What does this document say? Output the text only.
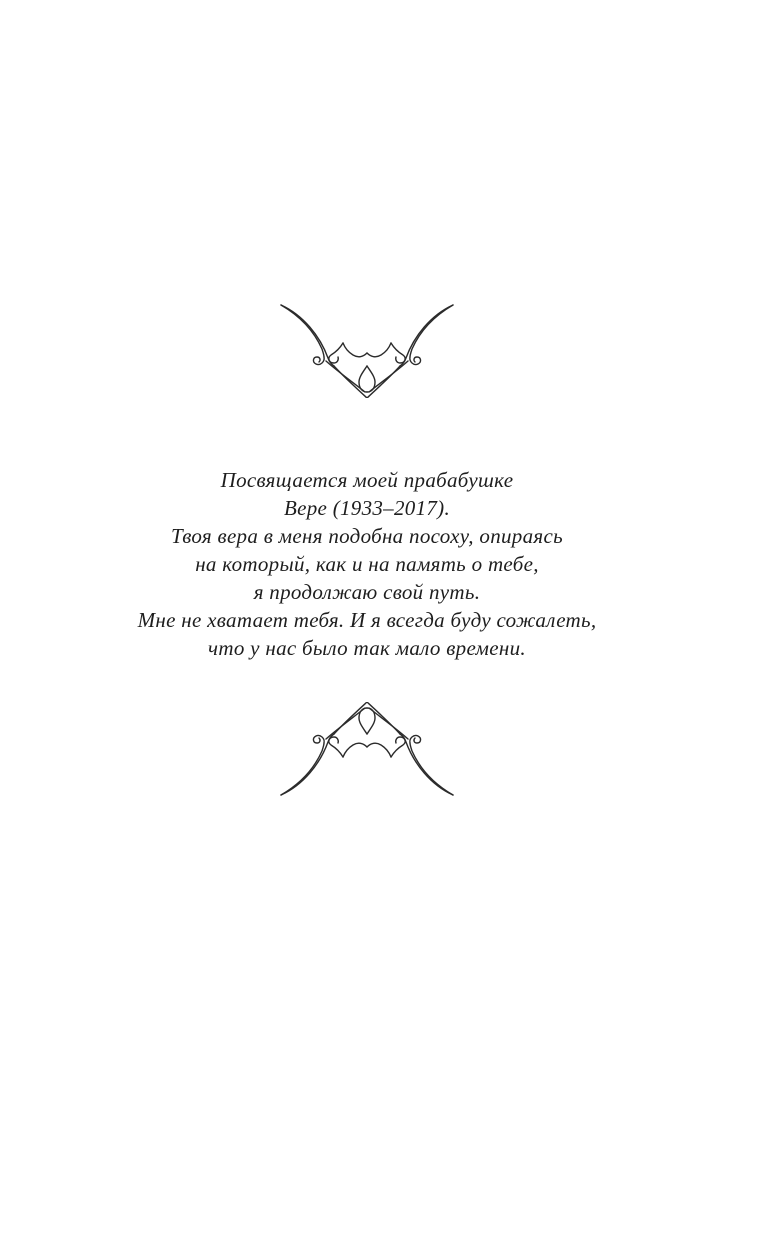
Посвящается моей прабабушке
Вере (1933–2017).
Твоя вера в меня подобна посоху, опираясь
на который, как и на память о тебе,
я продолжаю свой путь.
Мне не хватает тебя. И я всегда буду сожалеть,
что у нас было так мало времени.
